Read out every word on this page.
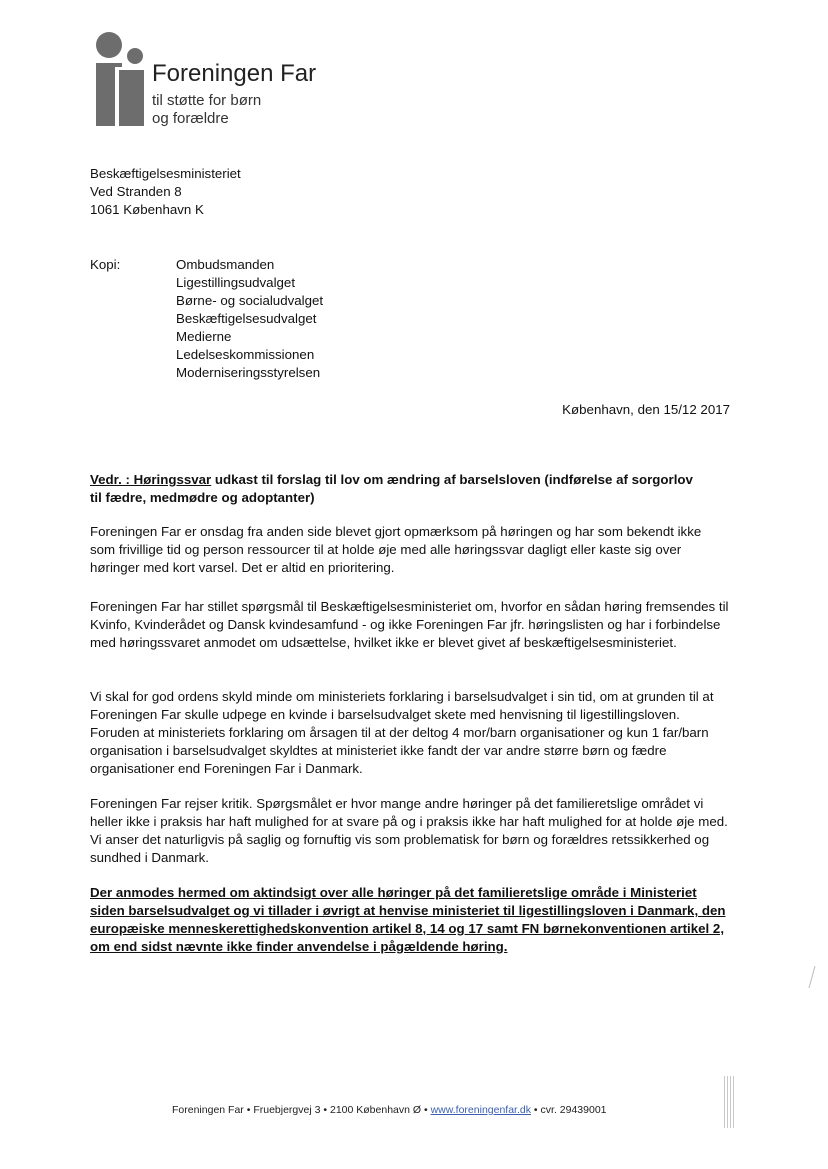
Foreningen Far
til støtte for børn
og forældre
Beskæftigelsesministeriet
Ved Stranden 8
1061 København K
Kopi:	Ombudsmanden
Ligestillingsudvalget
Børne- og socialudvalget
Beskæftigelsesudvalget
Medierne
Ledelseskommissionen
Moderniseringsstyrelsen
København, den 15/12 2017
Vedr. : Høringssvar udkast til forslag til lov om ændring af barselsloven (indførelse af sorgorlov til fædre, medmødre og adoptanter)
Foreningen Far er onsdag fra anden side blevet gjort opmærksom på høringen og har som bekendt ikke som frivillige tid og person ressourcer til at holde øje med alle høringssvar dagligt eller kaste sig over høringer med kort varsel. Det er altid en prioritering.
Foreningen Far har stillet spørgsmål til Beskæftigelsesministeriet om, hvorfor en sådan høring fremsendes til Kvinfo, Kvinderådet og Dansk kvindesamfund - og ikke Foreningen Far jfr. høringslisten og har i forbindelse med høringssvaret anmodet om udsættelse, hvilket ikke er blevet givet af beskæftigelsesministeriet.
Vi skal for god ordens skyld minde om ministeriets forklaring i barselsudvalget i sin tid, om at grunden til at Foreningen Far skulle udpege en kvinde i barselsudvalget skete med henvisning til ligestillingsloven. Foruden at ministeriets forklaring om årsagen til at der deltog 4 mor/barn organisationer og kun 1 far/barn organisation i barselsudvalget skyldtes at ministeriet ikke fandt der var andre større børn og fædre organisationer end Foreningen Far i Danmark.
Foreningen Far rejser kritik. Spørgsmålet er hvor mange andre høringer på det familieretslige området vi heller ikke i praksis har haft mulighed for at svare på og i praksis ikke har haft mulighed for at holde øje med. Vi anser det naturligvis på saglig og fornuftig vis som problematisk for børn og forældres retssikkerhed og sundhed i Danmark.
Der anmodes hermed om aktindsigt over alle høringer på det familieretslige område i Ministeriet siden barselsudvalget og vi tillader i øvrigt at henvise ministeriet til ligestillingsloven i Danmark, den europæiske menneskerettighedskonvention artikel 8, 14 og 17 samt FN børnekonventionen artikel 2, om end sidst nævnte ikke finder anvendelse i pågældende høring.
Foreningen Far • Fruebjergvej 3 • 2100 København Ø • www.foreningenfar.dk • cvr. 29439001
